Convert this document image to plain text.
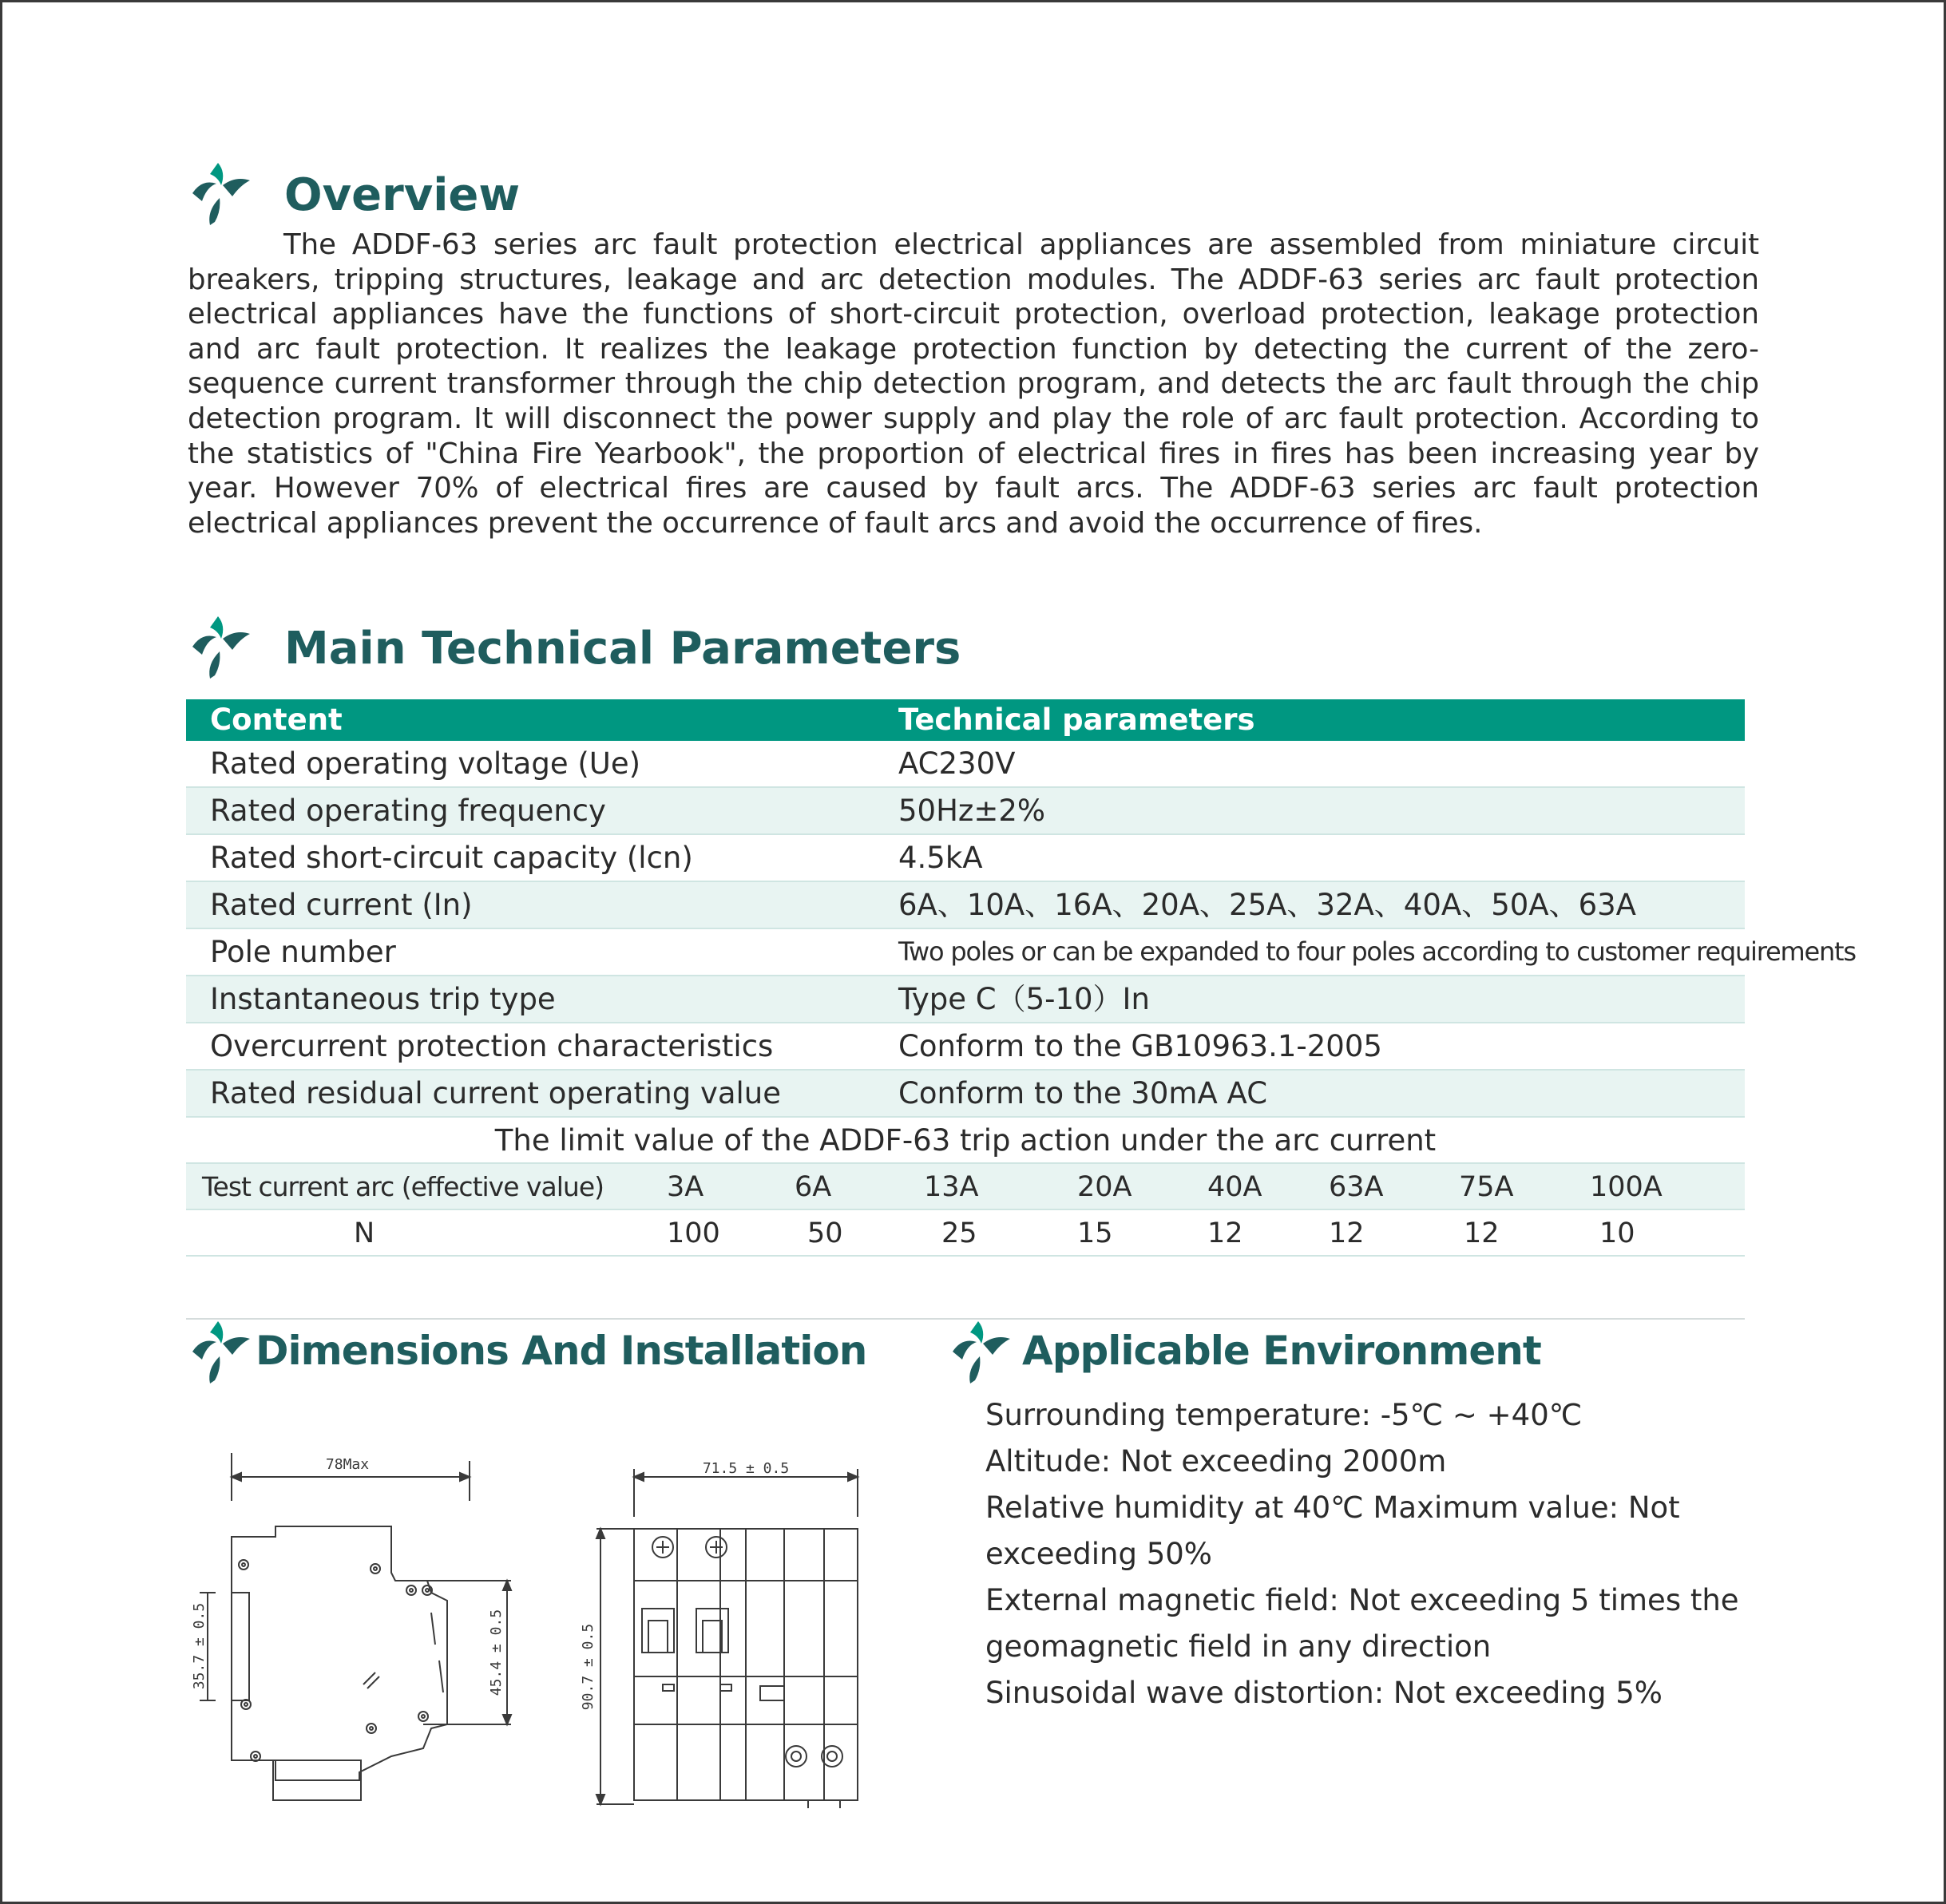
Overview

The ADDF-63 series arc fault protection electrical appliances are assembled from miniature circuit breakers, tripping structures, leakage and arc detection modules. The ADDF-63 series arc fault protection electrical appliances have the functions of short-circuit protection, overload protection, leakage protection and arc fault protection. It realizes the leakage protection function by detecting the current of the zero-sequence current transformer through the chip detection program, and detects the arc fault through the chip detection program. It will disconnect the power supply and play the role of arc fault protection. According to the statistics of "China Fire Yearbook", the proportion of electrical fires in fires has been increasing year by year. However 70% of electrical fires are caused by fault arcs. The ADDF-63 series arc fault protection electrical appliances prevent the occurrence of fault arcs and avoid the occurrence of fires.

Main Technical Parameters
Content	Technical parameters
Rated operating voltage (Ue)	AC230V
Rated operating frequency	50Hz±2%
Rated short-circuit capacity (lcn)	4.5kA
Rated current (In)	6A、10A、16A、20A、25A、32A、40A、50A、63A
Pole number	Two poles or can be expanded to four poles according to customer requirements
Instantaneous trip type	Type C（5-10）In
Overcurrent protection characteristics	Conform to the GB10963.1-2005
Rated residual current operating value	Conform to the 30mA AC
The limit value of the ADDF-63 trip action under the arc current
Test current arc (effective value) 3A	6A	13A	20A	40A 63A	75A	100A
N	100	50	25	15	12	12	12	10
Dimensions And Installation	Applicable Environment
Surrounding temperature: -5℃ ~ +40℃
Altitude: Not exceeding 2000m
Relative humidity at 40℃ Maximum value: Not exceeding 50%
External magnetic field: Not exceeding 5 times the geomagnetic field in any direction
Sinusoidal wave distortion: Not exceeding 5%
78Max
35.7 ± 0.5	45.4 ± 0.5
71.5 ± 0.5
90.7 ± 0.5
